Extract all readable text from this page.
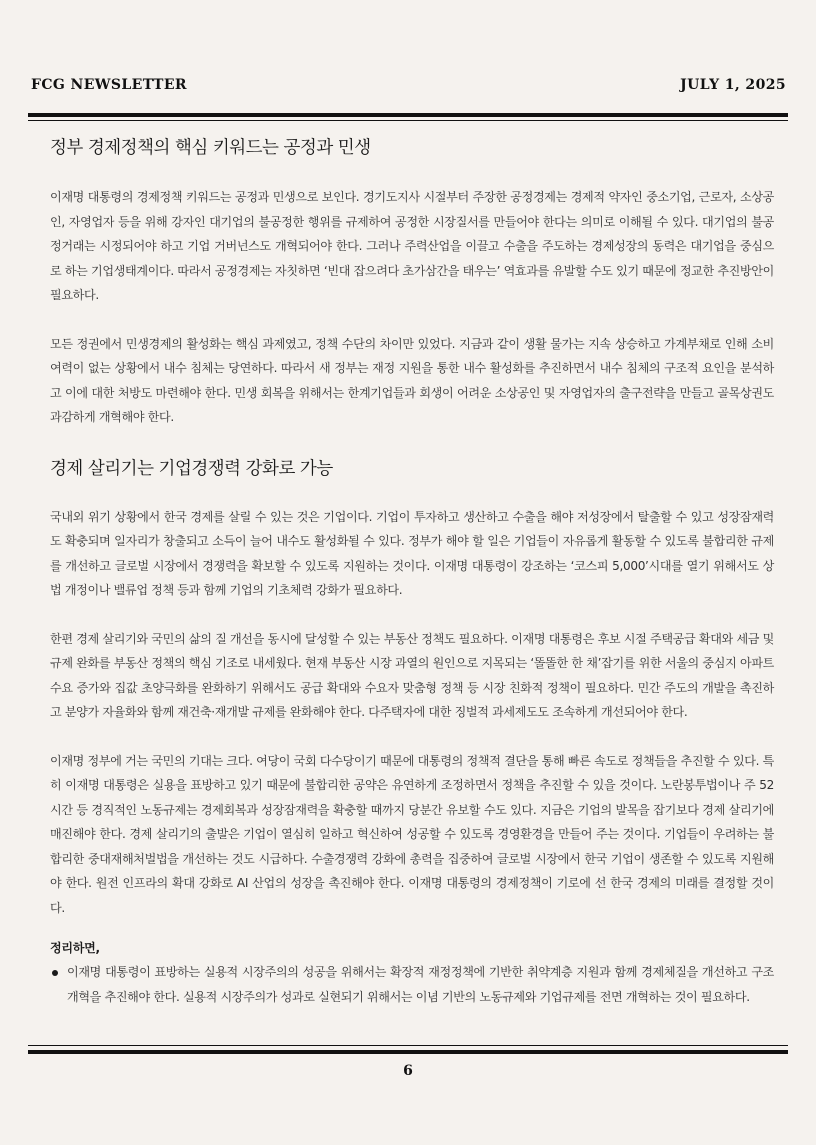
FCG NEWSLETTER	JULY 1, 2025
정부 경제정책의 핵심 키워드는 공정과 민생

이재명 대통령의 경제정책 키워드는 공정과 민생으로 보인다. 경기도지사 시절부터 주장한 공정경제는 경제적 약자인 중소기업, 근로자, 소상공인, 자영업자 등을 위해 강자인 대기업의 불공정한 행위를 규제하여 공정한 시장질서를 만들어야 한다는 의미로 이해될 수 있다. 대기업의 불공정거래는 시정되어야 하고 기업 거버넌스도 개혁되어야 한다. 그러나 주력산업을 이끌고 수출을 주도하는 경제성장의 동력은 대기업을 중심으로 하는 기업생태계이다. 따라서 공정경제는 자칫하면 ‘빈대 잡으려다 초가삼간을 태우는’ 역효과를 유발할 수도 있기 때문에 정교한 추진방안이 필요하다.

모든 정권에서 민생경제의 활성화는 핵심 과제였고, 정책 수단의 차이만 있었다. 지금과 같이 생활 물가는 지속 상승하고 가계부채로 인해 소비 여력이 없는 상황에서 내수 침체는 당연하다. 따라서 새 정부는 재정 지원을 통한 내수 활성화를 추진하면서 내수 침체의 구조적 요인을 분석하고 이에 대한 처방도 마련해야 한다. 민생 회복을 위해서는 한계기업들과 회생이 어려운 소상공인 및 자영업자의 출구전략을 만들고 골목상권도 과감하게 개혁해야 한다.

경제 살리기는 기업경쟁력 강화로 가능

국내외 위기 상황에서 한국 경제를 살릴 수 있는 것은 기업이다. 기업이 투자하고 생산하고 수출을 해야 저성장에서 탈출할 수 있고 성장잠재력도 확충되며 일자리가 창출되고 소득이 늘어 내수도 활성화될 수 있다. 정부가 해야 할 일은 기업들이 자유롭게 활동할 수 있도록 불합리한 규제를 개선하고 글로벌 시장에서 경쟁력을 확보할 수 있도록 지원하는 것이다. 이재명 대통령이 강조하는 ‘코스피 5,000’시대를 열기 위해서도 상법 개정이나 밸류업 정책 등과 함께 기업의 기초체력 강화가 필요하다.

한편 경제 살리기와 국민의 삶의 질 개선을 동시에 달성할 수 있는 부동산 정책도 필요하다. 이재명 대통령은 후보 시절 주택공급 확대와 세금 및 규제 완화를 부동산 정책의 핵심 기조로 내세웠다. 현재 부동산 시장 과열의 원인으로 지목되는 ‘똘똘한 한 채’잡기를 위한 서울의 중심지 아파트 수요 증가와 집값 초양극화를 완화하기 위해서도 공급 확대와 수요자 맞춤형 정책 등 시장 친화적 정책이 필요하다. 민간 주도의 개발을 촉진하고 분양가 자율화와 함께 재건축·재개발 규제를 완화해야 한다. 다주택자에 대한 징벌적 과세제도도 조속하게 개선되어야 한다.

이재명 정부에 거는 국민의 기대는 크다. 여당이 국회 다수당이기 때문에 대통령의 정책적 결단을 통해 빠른 속도로 정책들을 추진할 수 있다. 특히 이재명 대통령은 실용을 표방하고 있기 때문에 불합리한 공약은 유연하게 조정하면서 정책을 추진할 수 있을 것이다. 노란봉투법이나 주 52시간 등 경직적인 노동규제는 경제회복과 성장잠재력을 확충할 때까지 당분간 유보할 수도 있다. 지금은 기업의 발목을 잡기보다 경제 살리기에 매진해야 한다. 경제 살리기의 출발은 기업이 열심히 일하고 혁신하여 성공할 수 있도록 경영환경을 만들어 주는 것이다. 기업들이 우려하는 불합리한 중대재해처벌법을 개선하는 것도 시급하다. 수출경쟁력 강화에 총력을 집중하여 글로벌 시장에서 한국 기업이 생존할 수 있도록 지원해야 한다. 원전 인프라의 확대 강화로 AI 산업의 성장을 촉진해야 한다. 이재명 대통령의 경제정책이 기로에 선 한국 경제의 미래를 결정할 것이다.

정리하면,
이재명 대통령이 표방하는 실용적 시장주의의 성공을 위해서는 확장적 재정정책에 기반한 취약계층 지원과 함께 경제체질을 개선하고 구조개혁을 추진해야 한다. 실용적 시장주의가 성과로 실현되기 위해서는 이념 기반의 노동규제와 기업규제를 전면 개혁하는 것이 필요하다.
6
